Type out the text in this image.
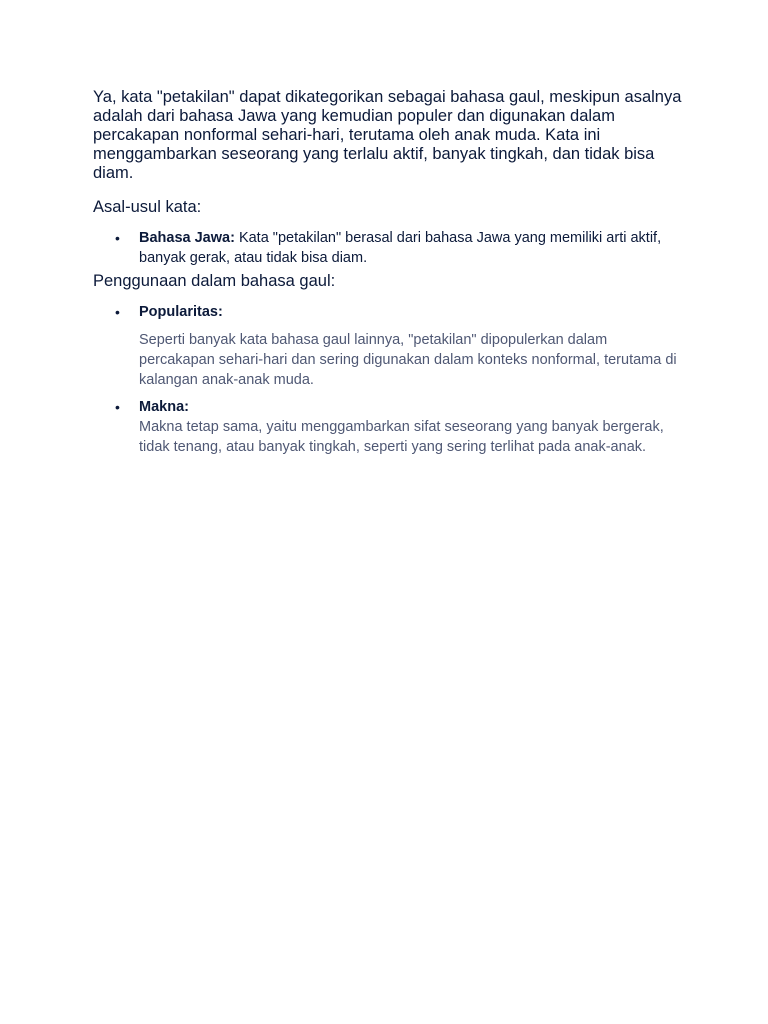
Ya, kata "petakilan" dapat dikategorikan sebagai bahasa gaul, meskipun asalnya adalah dari bahasa Jawa yang kemudian populer dan digunakan dalam percakapan nonformal sehari-hari, terutama oleh anak muda. Kata ini menggambarkan seseorang yang terlalu aktif, banyak tingkah, dan tidak bisa diam.

Asal-usul kata:
• Bahasa Jawa: Kata "petakilan" berasal dari bahasa Jawa yang memiliki arti aktif, banyak gerak, atau tidak bisa diam.
Penggunaan dalam bahasa gaul:
• Popularitas:

Seperti banyak kata bahasa gaul lainnya, "petakilan" dipopulerkan dalam percakapan sehari-hari dan sering digunakan dalam konteks nonformal, terutama di kalangan anak-anak muda.

• Makna:

Makna tetap sama, yaitu menggambarkan sifat seseorang yang banyak bergerak, tidak tenang, atau banyak tingkah, seperti yang sering terlihat pada anak-anak.
